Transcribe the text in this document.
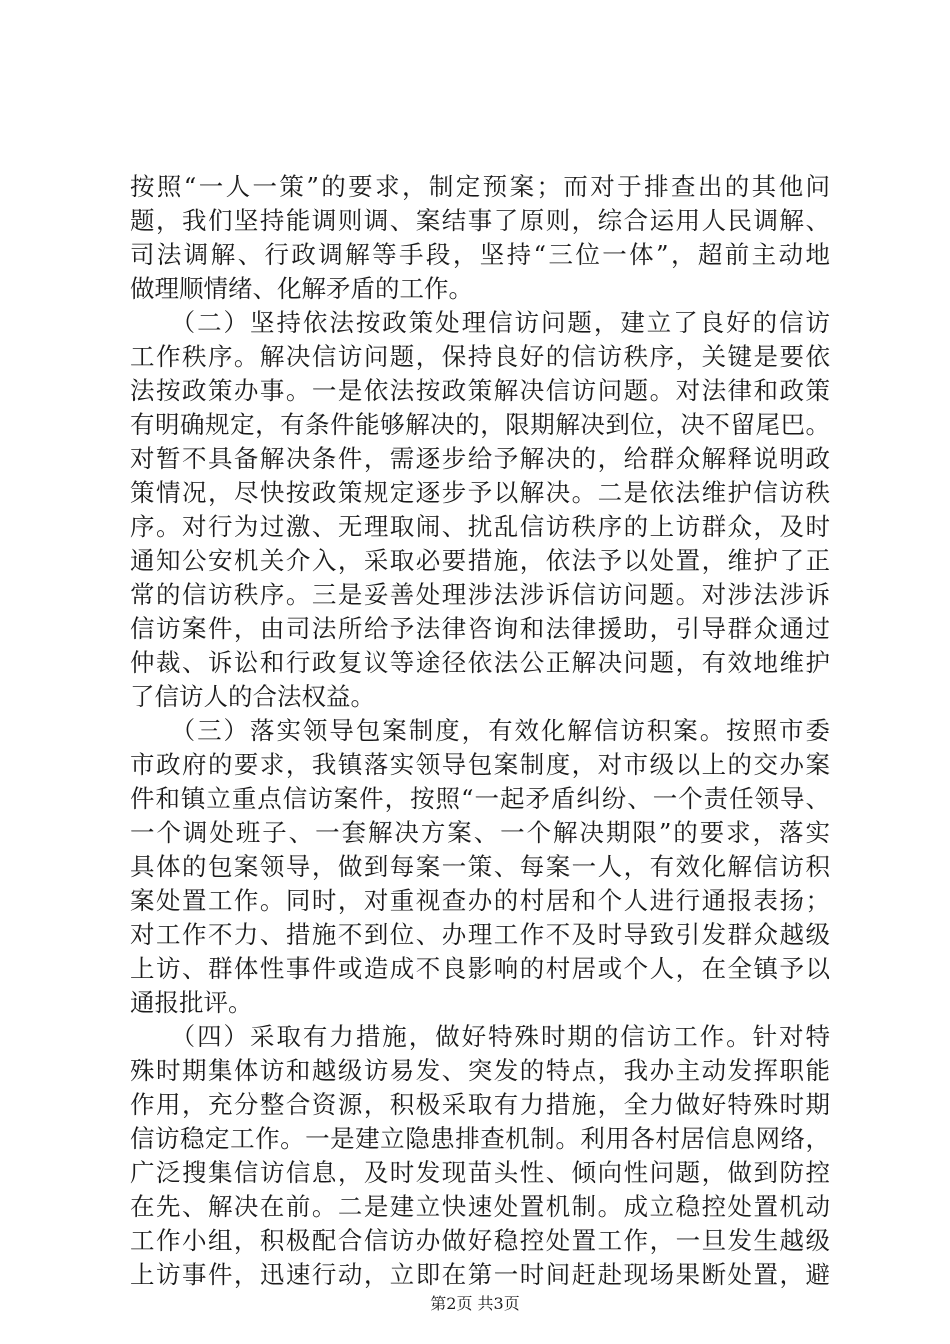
按照“一人一策”的要求，制定预案；而对于排查出的其他问
题，我们坚持能调则调、案结事了原则，综合运用人民调解、
司法调解、行政调解等手段，坚持“三位一体”，超前主动地
做理顺情绪、化解矛盾的工作。
　　（二）坚持依法按政策处理信访问题，建立了良好的信访
工作秩序。解决信访问题，保持良好的信访秩序，关键是要依
法按政策办事。一是依法按政策解决信访问题。对法律和政策
有明确规定，有条件能够解决的，限期解决到位，决不留尾巴。
对暂不具备解决条件，需逐步给予解决的，给群众解释说明政
策情况，尽快按政策规定逐步予以解决。二是依法维护信访秩
序。对行为过激、无理取闹、扰乱信访秩序的上访群众，及时
通知公安机关介入，采取必要措施，依法予以处置，维护了正
常的信访秩序。三是妥善处理涉法涉诉信访问题。对涉法涉诉
信访案件，由司法所给予法律咨询和法律援助，引导群众通过
仲裁、诉讼和行政复议等途径依法公正解决问题，有效地维护
了信访人的合法权益。
　　（三）落实领导包案制度，有效化解信访积案。按照市委
市政府的要求，我镇落实领导包案制度，对市级以上的交办案
件和镇立重点信访案件，按照“一起矛盾纠纷、一个责任领导、
一个调处班子、一套解决方案、一个解决期限”的要求，落实
具体的包案领导，做到每案一策、每案一人，有效化解信访积
案处置工作。同时，对重视查办的村居和个人进行通报表扬；
对工作不力、措施不到位、办理工作不及时导致引发群众越级
上访、群体性事件或造成不良影响的村居或个人，在全镇予以
通报批评。
　　（四）采取有力措施，做好特殊时期的信访工作。针对特
殊时期集体访和越级访易发、突发的特点，我办主动发挥职能
作用，充分整合资源，积极采取有力措施，全力做好特殊时期
信访稳定工作。一是建立隐患排查机制。利用各村居信息网络，
广泛搜集信访信息，及时发现苗头性、倾向性问题，做到防控
在先、解决在前。二是建立快速处置机制。成立稳控处置机动
工作小组，积极配合信访办做好稳控处置工作，一旦发生越级
上访事件，迅速行动，立即在第一时间赶赴现场果断处置，避
第2页 共3页
